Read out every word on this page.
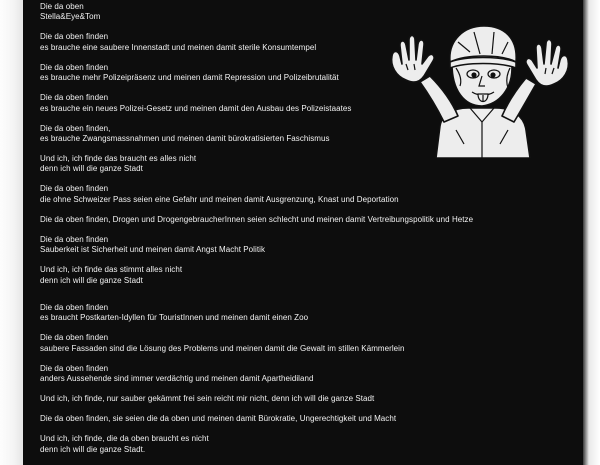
Die da oben
Stella&Eye&Tom
Die da oben finden
es brauche eine saubere Innenstadt und meinen damit sterile Konsumtempel
Die da oben finden
es brauche mehr Polizeipräsenz und meinen damit Repression und Polizeibrutalität
Die da oben finden
es brauche ein neues Polizei-Gesetz und meinen damit den Ausbau des Polizeistaates
Die da oben finden,
es brauche Zwangsmassnahmen und meinen damit bürokratisierten Faschismus
Und ich, ich finde das braucht es alles nicht
denn ich will die ganze Stadt
Die da oben finden
die ohne Schweizer Pass seien eine Gefahr und meinen damit Ausgrenzung, Knast und Deportation
Die da oben finden, Drogen und DrogengebraucherInnen seien schlecht und meinen damit Vertreibungspolitik und Hetze
Die da oben finden
Sauberkeit ist Sicherheit und meinen damit Angst Macht Politik
Und ich, ich finde das stimmt alles nicht
denn ich will die ganze Stadt
Die da oben finden
es braucht Postkarten-Idyllen für TouristInnen und meinen damit einen Zoo
Die da oben finden
saubere Fassaden sind die Lösung des Problems und meinen damit die Gewalt im stillen Kämmerlein
Die da oben finden
anders Aussehende sind immer verdächtig und meinen damit Apartheidiland
Und ich, ich finde, nur sauber gekämmt frei sein reicht mir nicht, denn ich will die ganze Stadt
Die da oben finden, sie seien die da oben und meinen damit Bürokratie, Ungerechtigkeit und Macht
Und ich, ich finde, die da oben braucht es nicht
denn ich will die ganze Stadt.
